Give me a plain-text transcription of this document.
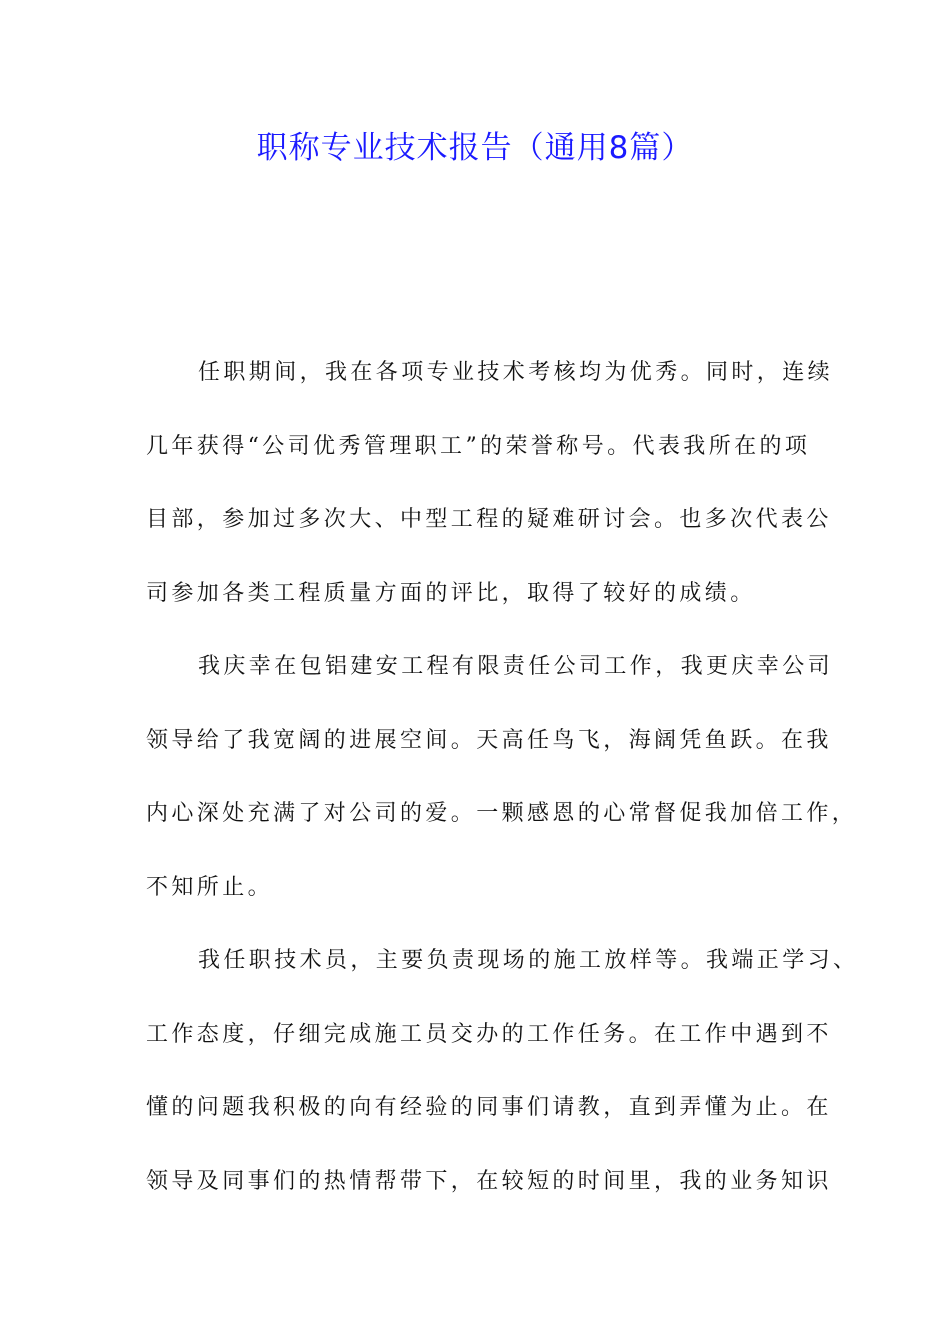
职称专业技术报告（通用8篇）
任职期间，我在各项专业技术考核均为优秀。同时，连续
几年获得“公司优秀管理职工”的荣誉称号。代表我所在的项
目部，参加过多次大、中型工程的疑难研讨会。也多次代表公
司参加各类工程质量方面的评比，取得了较好的成绩。
我庆幸在包铝建安工程有限责任公司工作，我更庆幸公司
领导给了我宽阔的进展空间。天高任鸟飞，海阔凭鱼跃。在我
内心深处充满了对公司的爱。一颗感恩的心常督促我加倍工作，
不知所止。
我任职技术员，主要负责现场的施工放样等。我端正学习、
工作态度，仔细完成施工员交办的工作任务。在工作中遇到不
懂的问题我积极的向有经验的同事们请教，直到弄懂为止。在
领导及同事们的热情帮带下，在较短的时间里，我的业务知识
